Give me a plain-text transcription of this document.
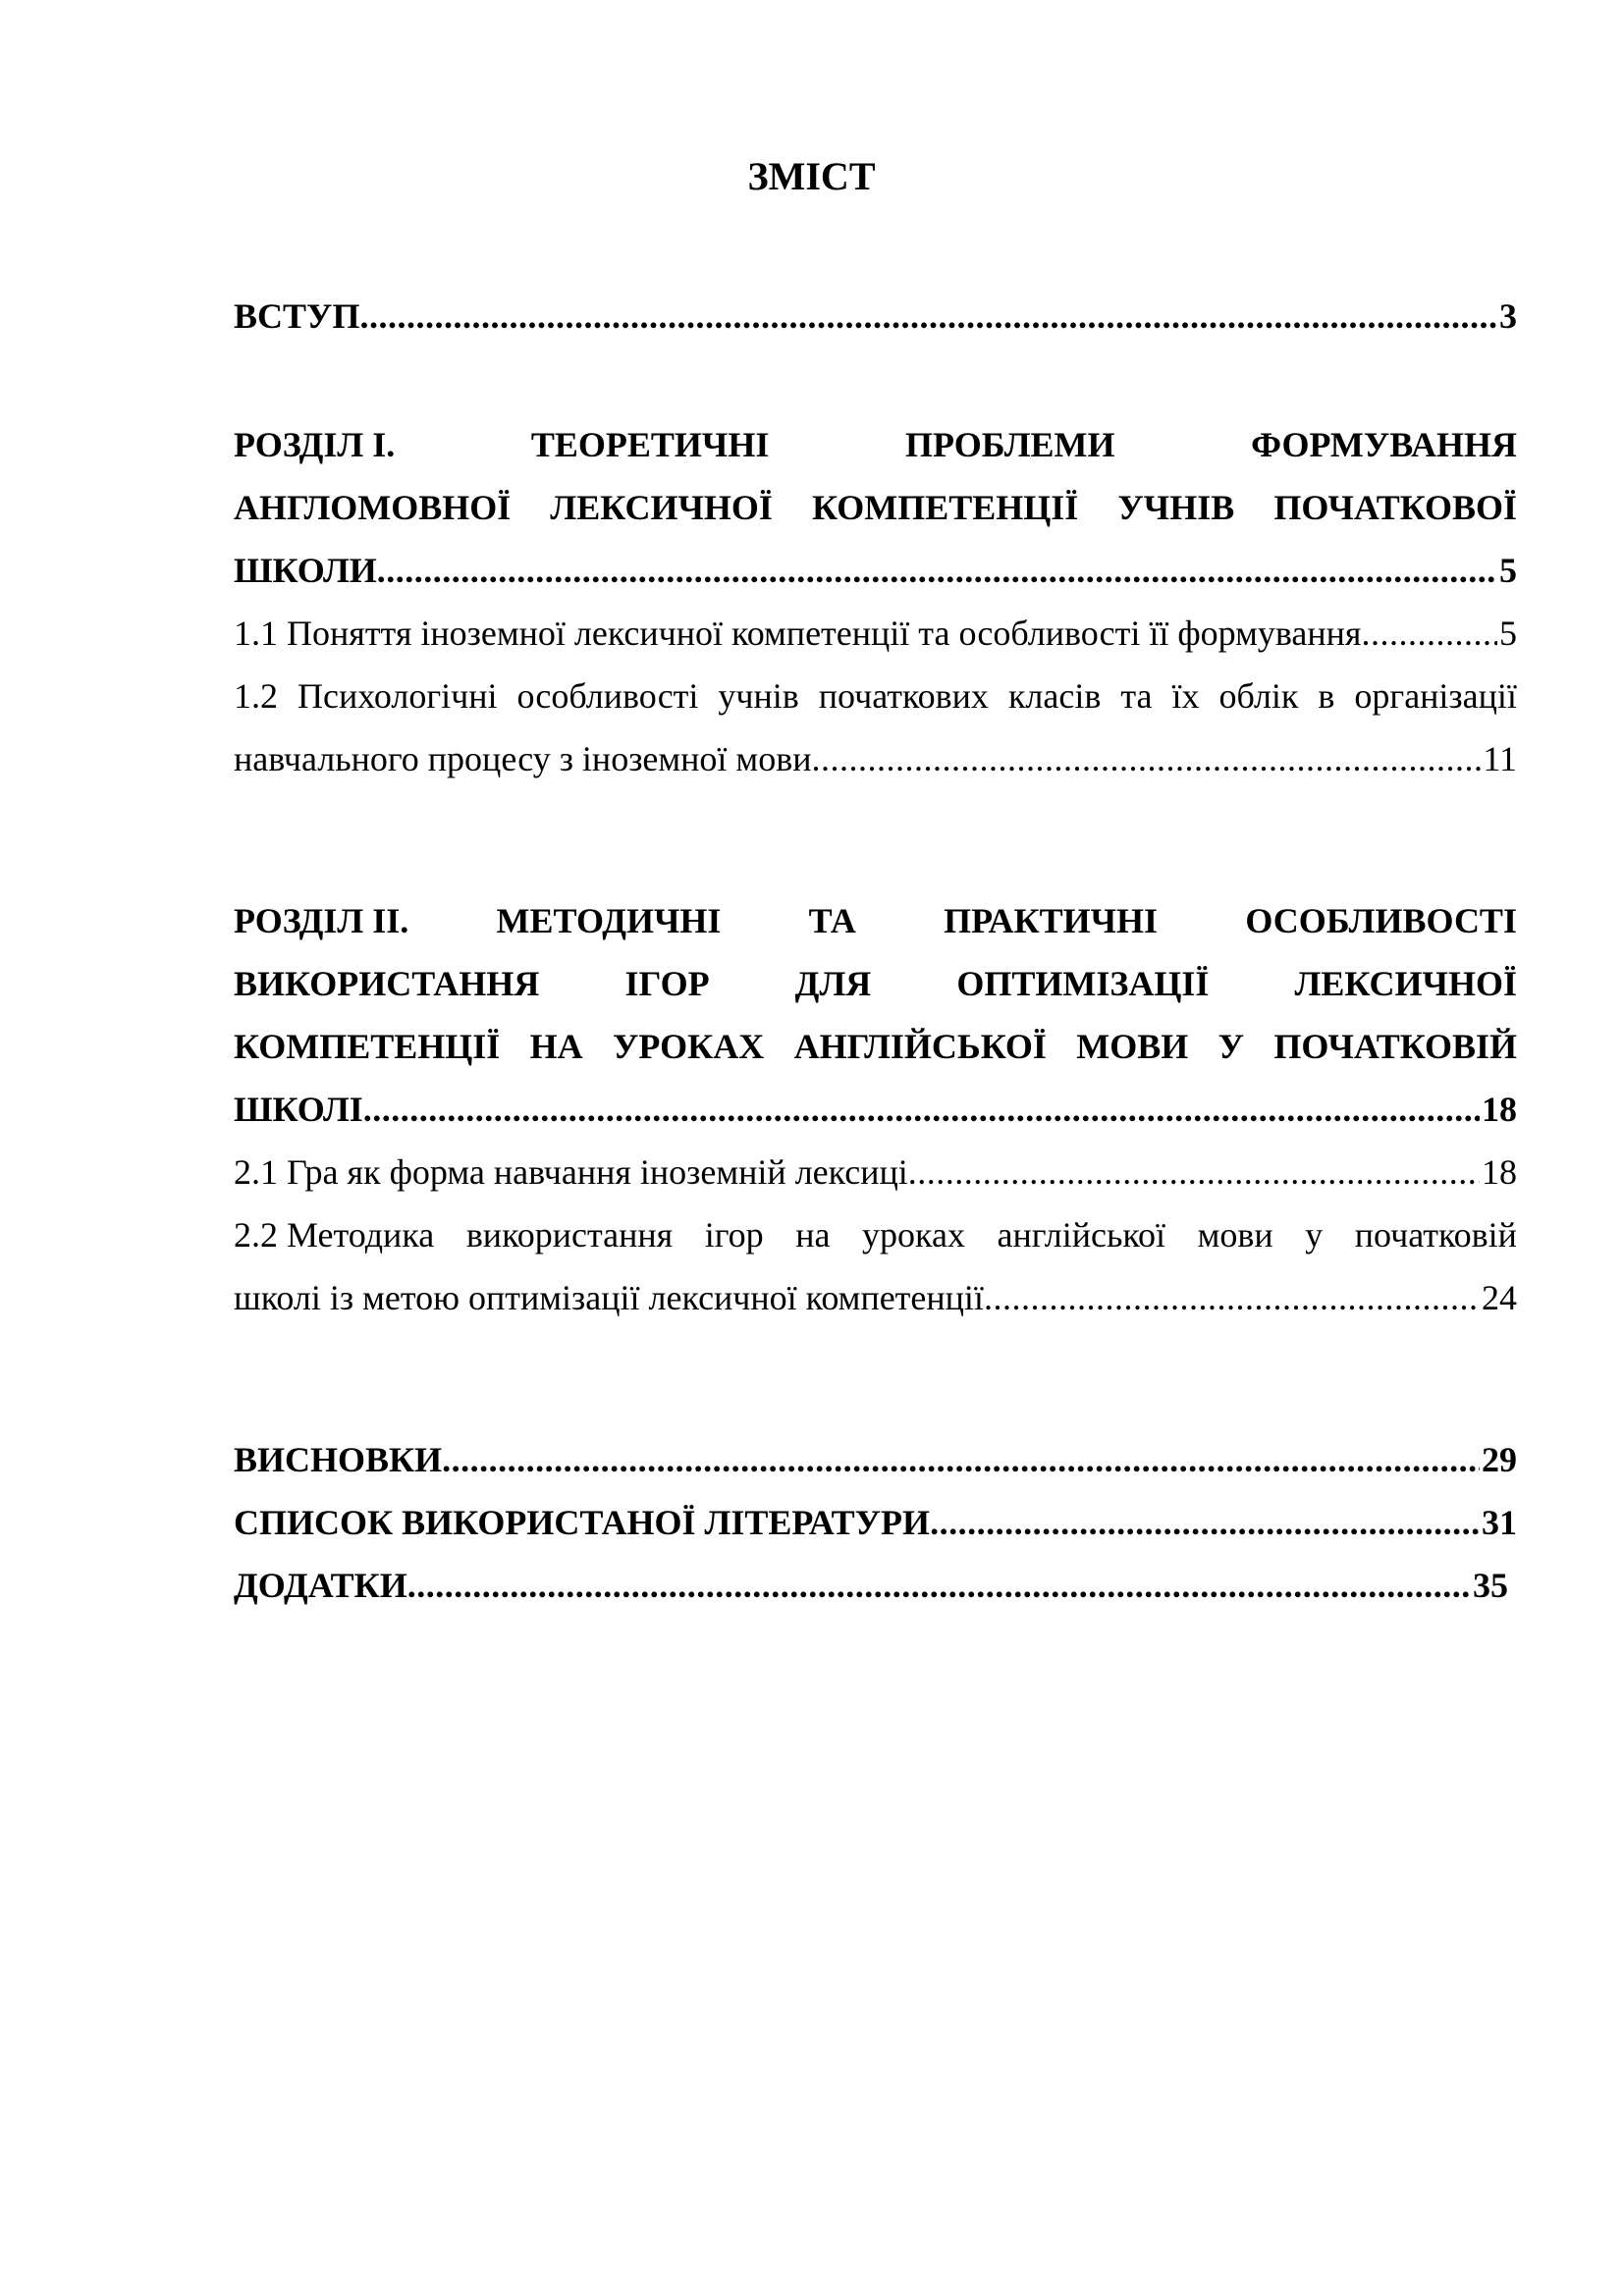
ЗМІСТ
ВСТУП .....	3
РОЗДІЛ І.	ТЕОРЕТИЧНІ	ПРОБЛЕМИ	ФОРМУВАННЯ
АНГЛОМОВНОЇ ЛЕКСИЧНОЇ КОМПЕТЕНЦІЇ УЧНІВ ПОЧАТКОВОЇ
ШКОЛИ .....	5
1.1 Поняття іноземної лексичної компетенції та особливості її формування .....	5
1.2 Психологічні особливості учнів початкових класів та їх облік в організації
навчального процесу з іноземної мови .....	11
РОЗДІЛ ІІ. МЕТОДИЧНІ ТА ПРАКТИЧНІ ОСОБЛИВОСТІ
ВИКОРИСТАННЯ ІГОР ДЛЯ ОПТИМІЗАЦІЇ ЛЕКСИЧНОЇ
КОМПЕТЕНЦІЇ НА УРОКАХ АНГЛІЙСЬКОЇ МОВИ У ПОЧАТКОВІЙ
ШКОЛІ .....	18
2.1 Гра як форма навчання іноземній лексиці .....	18
2.2 Методика використання ігор на уроках англійської мови у початковій
школі із метою оптимізації лексичної компетенції .....	24
ВИСНОВКИ .....	29
СПИСОК ВИКОРИСТАНОЇ ЛІТЕРАТУРИ .....	31
ДОДАТКИ .....	35
